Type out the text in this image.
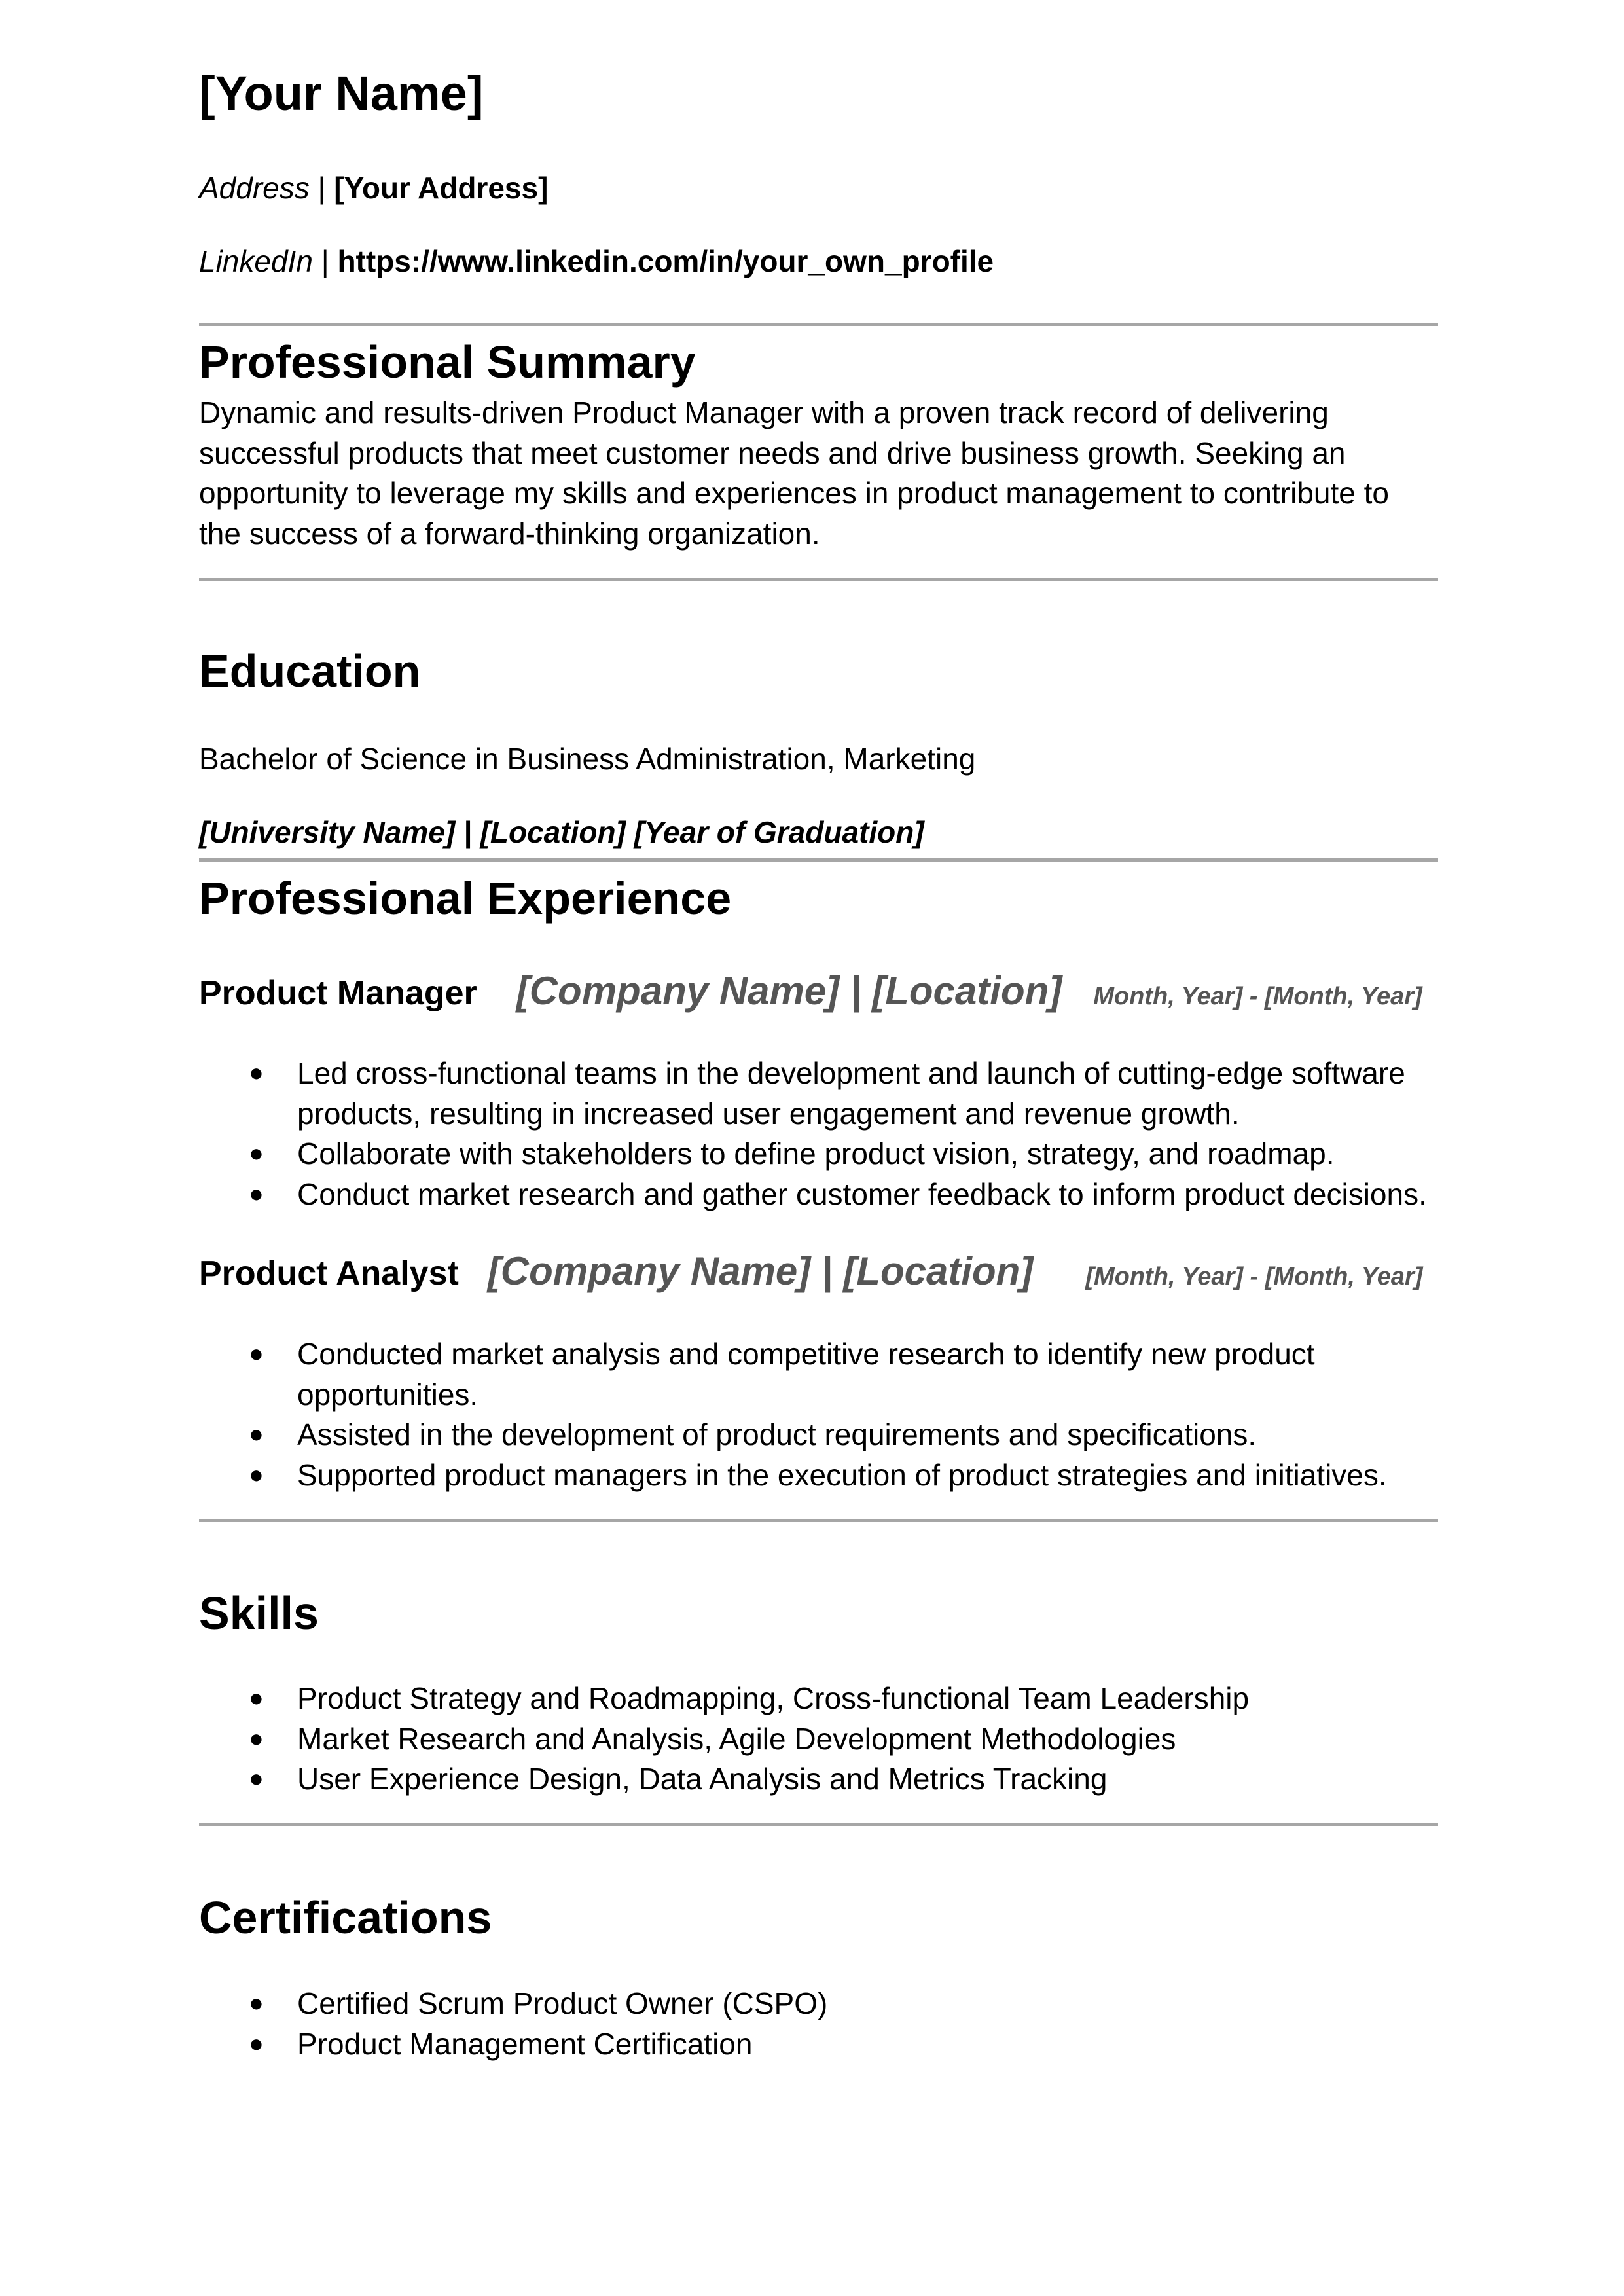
[Your Name]

Address | [Your Address]

LinkedIn | https://www.linkedin.com/in/your_own_profile

Professional Summary

Dynamic and results-driven Product Manager with a proven track record of delivering successful products that meet customer needs and drive business growth. Seeking an opportunity to leverage my skills and experiences in product management to contribute to the success of a forward-thinking organization.

Education

Bachelor of Science in Business Administration, Marketing

[University Name] | [Location] [Year of Graduation]

Professional Experience

Product Manager [Company Name] | [Location] Month, Year] - [Month, Year]

● Led cross-functional teams in the development and launch of cutting-edge software products, resulting in increased user engagement and revenue growth.
● Collaborate with stakeholders to define product vision, strategy, and roadmap.
● Conduct market research and gather customer feedback to inform product decisions.

Product Analyst [Company Name] | [Location] [Month, Year] - [Month, Year]

● Conducted market analysis and competitive research to identify new product opportunities.
● Assisted in the development of product requirements and specifications.
● Supported product managers in the execution of product strategies and initiatives.
Skills
● Product Strategy and Roadmapping, Cross-functional Team Leadership
● Market Research and Analysis, Agile Development Methodologies
● User Experience Design, Data Analysis and Metrics Tracking
Certifications
● Certified Scrum Product Owner (CSPO)
● Product Management Certification
